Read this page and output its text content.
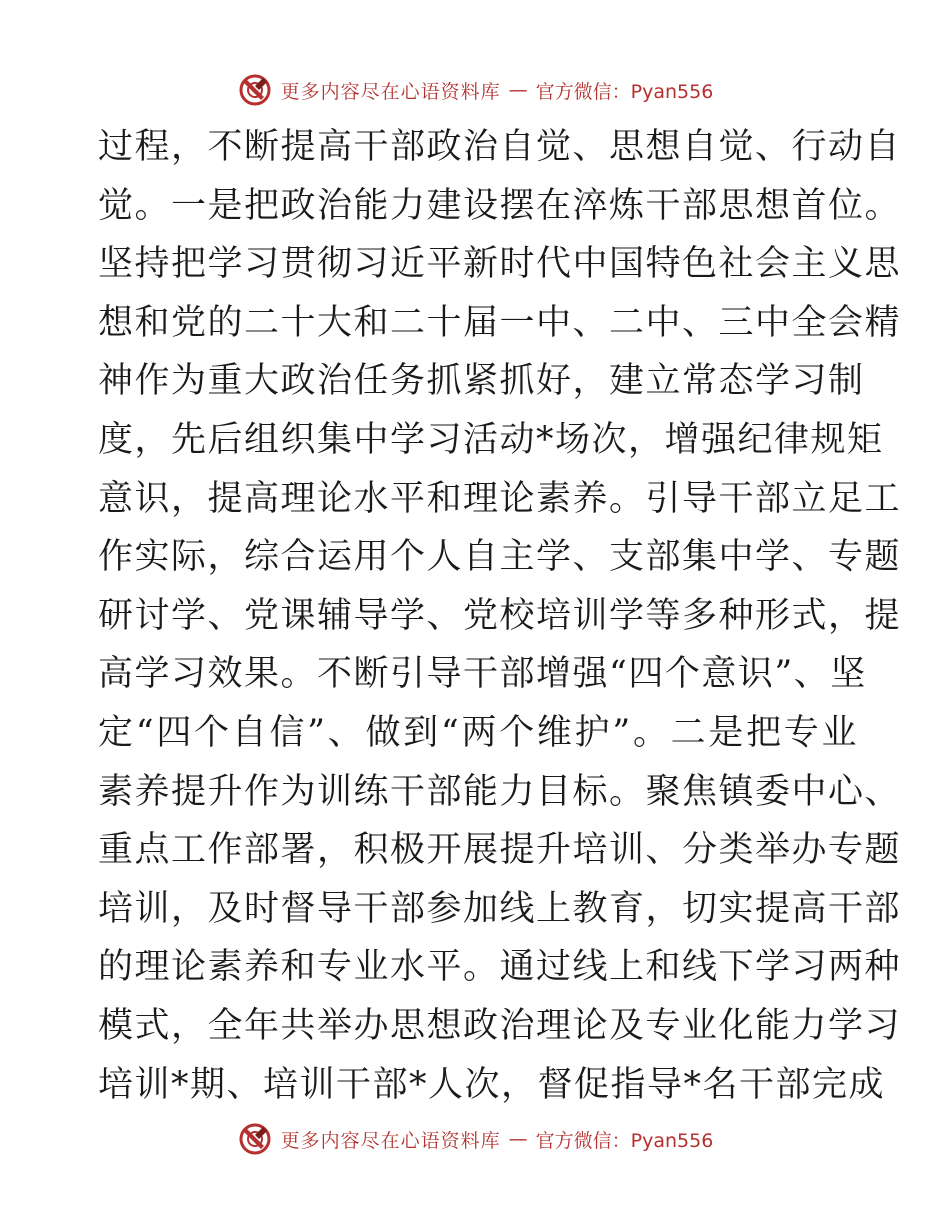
更多内容尽在心语资料库 — 官方微信：Pyan556
过程，不断提高干部政治自觉、思想自觉、行动自
觉。一是把政治能力建设摆在淬炼干部思想首位。
坚持把学习贯彻习近平新时代中国特色社会主义思
想和党的二十大和二十届一中、二中、三中全会精
神作为重大政治任务抓紧抓好，建立常态学习制
度，先后组织集中学习活动*场次，增强纪律规矩
意识，提高理论水平和理论素养。引导干部立足工
作实际，综合运用个人自主学、支部集中学、专题
研讨学、党课辅导学、党校培训学等多种形式，提
高学习效果。不断引导干部增强“四个意识”、坚
定“四个自信”、做到“两个维护”。二是把专业
素养提升作为训练干部能力目标。聚焦镇委中心、
重点工作部署，积极开展提升培训、分类举办专题
培训，及时督导干部参加线上教育，切实提高干部
的理论素养和专业水平。通过线上和线下学习两种
模式，全年共举办思想政治理论及专业化能力学习
培训*期、培训干部*人次，督促指导*名干部完成
更多内容尽在心语资料库 — 官方微信：Pyan556
